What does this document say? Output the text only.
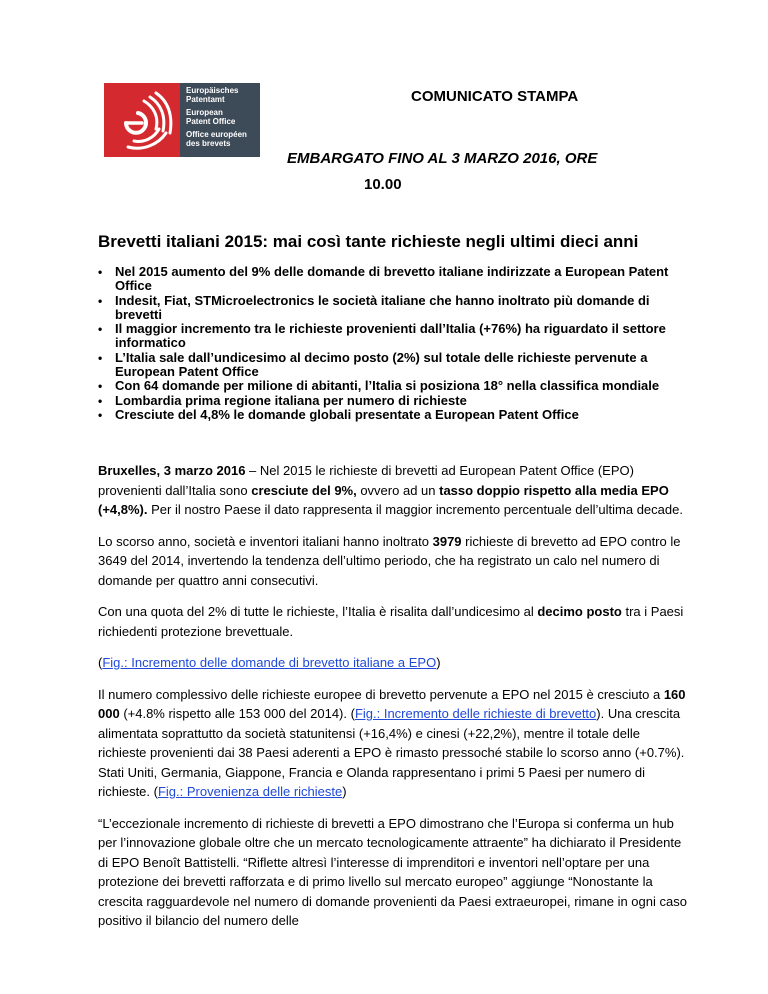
Europäisches
Patentamt
European
Patent Office
Office européen
des brevets
COMUNICATO STAMPA
EMBARGATO FINO AL 3 MARZO 2016, ORE
10.00
Brevetti italiani 2015: mai così tante richieste negli ultimi dieci anni
• Nel 2015 aumento del 9% delle domande di brevetto italiane indirizzate a European Patent Office
• Indesit, Fiat, STMicroelectronics le società italiane che hanno inoltrato più domande di brevetti
• Il maggior incremento tra le richieste provenienti dall’Italia (+76%) ha riguardato il settore informatico
• L’Italia sale dall’undicesimo al decimo posto (2%) sul totale delle richieste pervenute a European Patent Office
• Con 64 domande per milione di abitanti, l’Italia si posiziona 18° nella classifica mondiale
• Lombardia prima regione italiana per numero di richieste
• Cresciute del 4,8% le domande globali presentate a European Patent Office

Bruxelles, 3 marzo 2016 – Nel 2015 le richieste di brevetti ad European Patent Office (EPO) provenienti dall’Italia sono cresciute del 9%, ovvero ad un tasso doppio rispetto alla media EPO (+4,8%). Per il nostro Paese il dato rappresenta il maggior incremento percentuale dell’ultima decade.

Lo scorso anno, società e inventori italiani hanno inoltrato 3979 richieste di brevetto ad EPO contro le 3649 del 2014, invertendo la tendenza dell’ultimo periodo, che ha registrato un calo nel numero di domande per quattro anni consecutivi.

Con una quota del 2% di tutte le richieste, l’Italia è risalita dall’undicesimo al decimo posto tra i Paesi richiedenti protezione brevettuale.

(Fig.: Incremento delle domande di brevetto italiane a EPO)

Il numero complessivo delle richieste europee di brevetto pervenute a EPO nel 2015 è cresciuto a 160 000 (+4.8% rispetto alle 153 000 del 2014). (Fig.: Incremento delle richieste di brevetto). Una crescita alimentata soprattutto da società statunitensi (+16,4%) e cinesi (+22,2%), mentre il totale delle richieste provenienti dai 38 Paesi aderenti a EPO è rimasto pressoché stabile lo scorso anno (+0.7%). Stati Uniti, Germania, Giappone, Francia e Olanda rappresentano i primi 5 Paesi per numero di richieste. (Fig.: Provenienza delle richieste)

“L’eccezionale incremento di richieste di brevetti a EPO dimostrano che l’Europa si conferma un hub per l’innovazione globale oltre che un mercato tecnologicamente attraente” ha dichiarato il Presidente di EPO Benoît Battistelli. “Riflette altresì l’interesse di imprenditori e inventori nell’optare per una protezione dei brevetti rafforzata e di primo livello sul mercato europeo” aggiunge “Nonostante la crescita ragguardevole nel numero di domande provenienti da Paesi extraeuropei, rimane in ogni caso positivo il bilancio del numero delle
